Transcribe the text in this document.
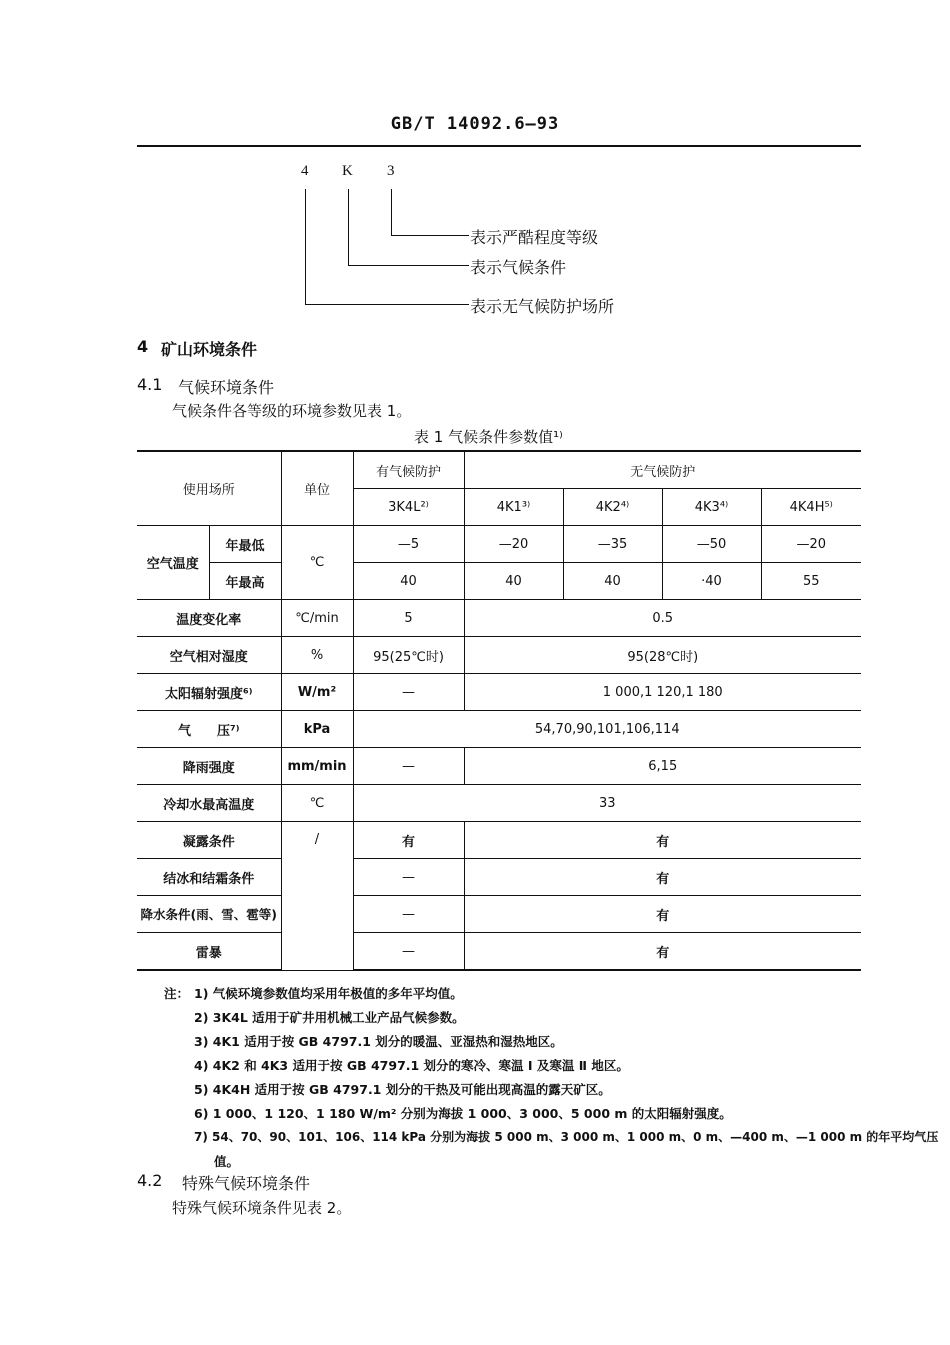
GB/T 14092.6—93
4 K 3
表示严酷程度等级
表示气候条件
表示无气候防护场所
4 矿山环境条件
4.1 气候环境条件
气候条件各等级的环境参数见表 1。
表 1 气候条件参数值¹⁾
使用场所		单位	有气候防护	无气候防护			
			3K4L²⁾	4K1³⁾	4K2⁴⁾	4K3⁴⁾	4K4H⁵⁾
空气温度	年最低	℃	—5	—20	—35	—50	—20
	年最高		40	40	40	·40	55
温度变化率		℃/min	5	0.5			
空气相对湿度		%	95(25℃时)	95(28℃时)			
太阳辐射强度⁶⁾		W/m²	—	1 000,1 120,1 180			
气　　压⁷⁾		kPa	54,70,90,101,106,114				
降雨强度		mm/min	—	6,15			
冷却水最高温度		℃	33				
凝露条件		/	有	有			
结冰和结霜条件			—	有			
降水条件(雨、雪、雹等)			—	有			
雷暴			—	有			
注： 1) 气候环境参数值均采用年极值的多年平均值。
2) 3K4L 适用于矿井用机械工业产品气候参数。
3) 4K1 适用于按 GB 4797.1 划分的暖温、亚湿热和湿热地区。
4) 4K2 和 4K3 适用于按 GB 4797.1 划分的寒冷、寒温 Ⅰ 及寒温 Ⅱ 地区。
5) 4K4H 适用于按 GB 4797.1 划分的干热及可能出现高温的露天矿区。
6) 1 000、1 120、1 180 W/m² 分别为海拔 1 000、3 000、5 000 m 的太阳辐射强度。
7) 54、70、90、101、106、114 kPa 分别为海拔 5 000 m、3 000 m、1 000 m、0 m、—400 m、—1 000 m 的年平均气压
值。
4.2 特殊气候环境条件
特殊气候环境条件见表 2。
